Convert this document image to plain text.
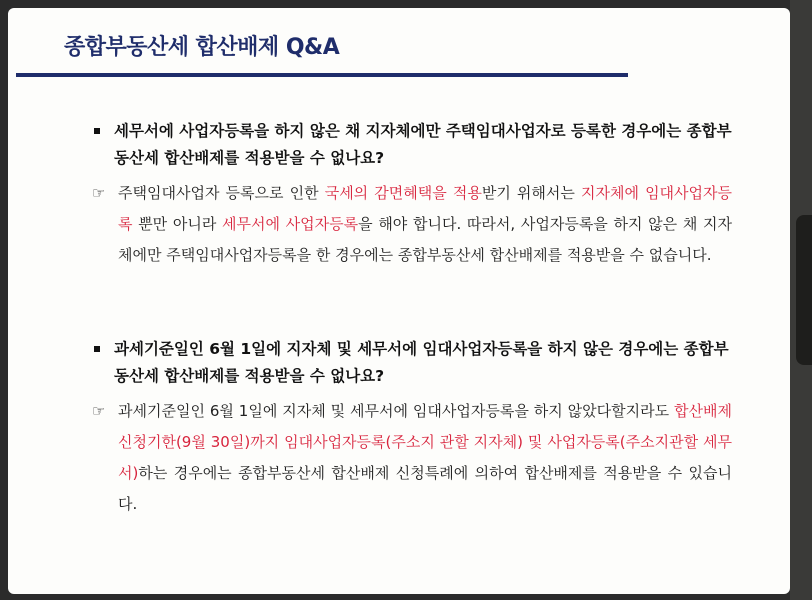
종합부동산세 합산배제 Q&A
세무서에 사업자등록을 하지 않은 채 지자체에만 주택임대사업자로 등록한 경우에는 종합부동산세 합산배제를 적용받을 수 없나요?
☞ 주택임대사업자 등록으로 인한 국세의 감면혜택을 적용받기 위해서는 지자체에 임대사업자등록 뿐만 아니라 세무서에 사업자등록을 해야 합니다. 따라서, 사업자등록을 하지 않은 채 지자체에만 주택임대사업자등록을 한 경우에는 종합부동산세 합산배제를 적용받을 수 없습니다.
과세기준일인 6월 1일에 지자체 및 세무서에 임대사업자등록을 하지 않은 경우에는 종합부동산세 합산배제를 적용받을 수 없나요?
☞ 과세기준일인 6월 1일에 지자체 및 세무서에 임대사업자등록을 하지 않았다할지라도 합산배제 신청기한(9월 30일)까지 임대사업자등록(주소지 관할 지자체) 및 사업자등록(주소지관할 세무서)하는 경우에는 종합부동산세 합산배제 신청특례에 의하여 합산배제를 적용받을 수 있습니다.
